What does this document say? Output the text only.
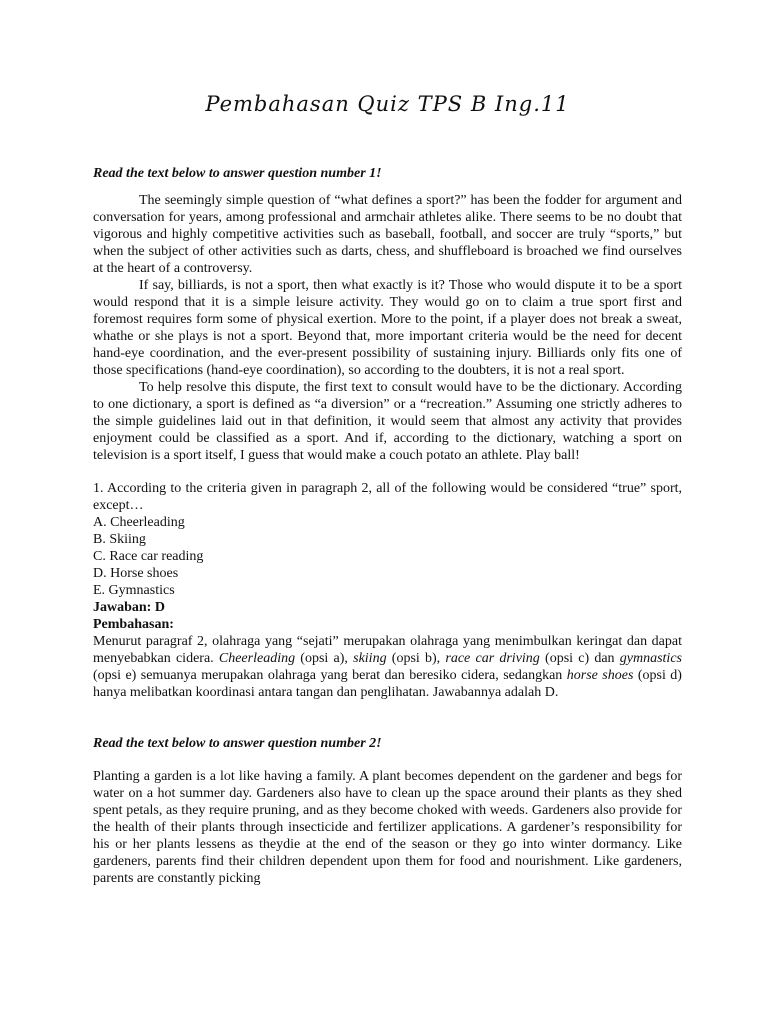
Pembahasan Quiz TPS B Ing.11
Read the text below to answer question number 1!

The seemingly simple question of “what defines a sport?” has been the fodder for argument and conversation for years, among professional and armchair athletes alike. There seems to be no doubt that vigorous and highly competitive activities such as baseball, football, and soccer are truly “sports,” but when the subject of other activities such as darts, chess, and shuffleboard is broached we find ourselves at the heart of a controversy.

If say, billiards, is not a sport, then what exactly is it? Those who would dispute it to be a sport would respond that it is a simple leisure activity. They would go on to claim a true sport first and foremost requires form some of physical exertion. More to the point, if a player does not break a sweat, whathe or she plays is not a sport. Beyond that, more important criteria would be the need for decent hand-eye coordination, and the ever-present possibility of sustaining injury. Billiards only fits one of those specifications (hand-eye coordination), so according to the doubters, it is not a real sport.

To help resolve this dispute, the first text to consult would have to be the dictionary. According to one dictionary, a sport is defined as “a diversion” or a “recreation.” Assuming one strictly adheres to the simple guidelines laid out in that definition, it would seem that almost any activity that provides enjoyment could be classified as a sport. And if, according to the dictionary, watching a sport on television is a sport itself, I guess that would make a couch potato an athlete. Play ball!

1. According to the criteria given in paragraph 2, all of the following would be considered “true” sport, except…
A. Cheerleading
B. Skiing
C. Race car reading
D. Horse shoes
E. Gymnastics
Jawaban: D
Pembahasan:
Menurut paragraf 2, olahraga yang “sejati” merupakan olahraga yang menimbulkan keringat dan dapat menyebabkan cidera. Cheerleading (opsi a), skiing (opsi b), race car driving (opsi c) dan gymnastics (opsi e) semuanya merupakan olahraga yang berat dan beresiko cidera, sedangkan horse shoes (opsi d) hanya melibatkan koordinasi antara tangan dan penglihatan. Jawabannya adalah D.
Read the text below to answer question number 2!

Planting a garden is a lot like having a family. A plant becomes dependent on the gardener and begs for water on a hot summer day. Gardeners also have to clean up the space around their plants as they shed spent petals, as they require pruning, and as they become choked with weeds. Gardeners also provide for the health of their plants through insecticide and fertilizer applications. A gardener’s responsibility for his or her plants lessens as theydie at the end of the season or they go into winter dormancy. Like gardeners, parents find their children dependent upon them for food and nourishment. Like gardeners, parents are constantly picking
